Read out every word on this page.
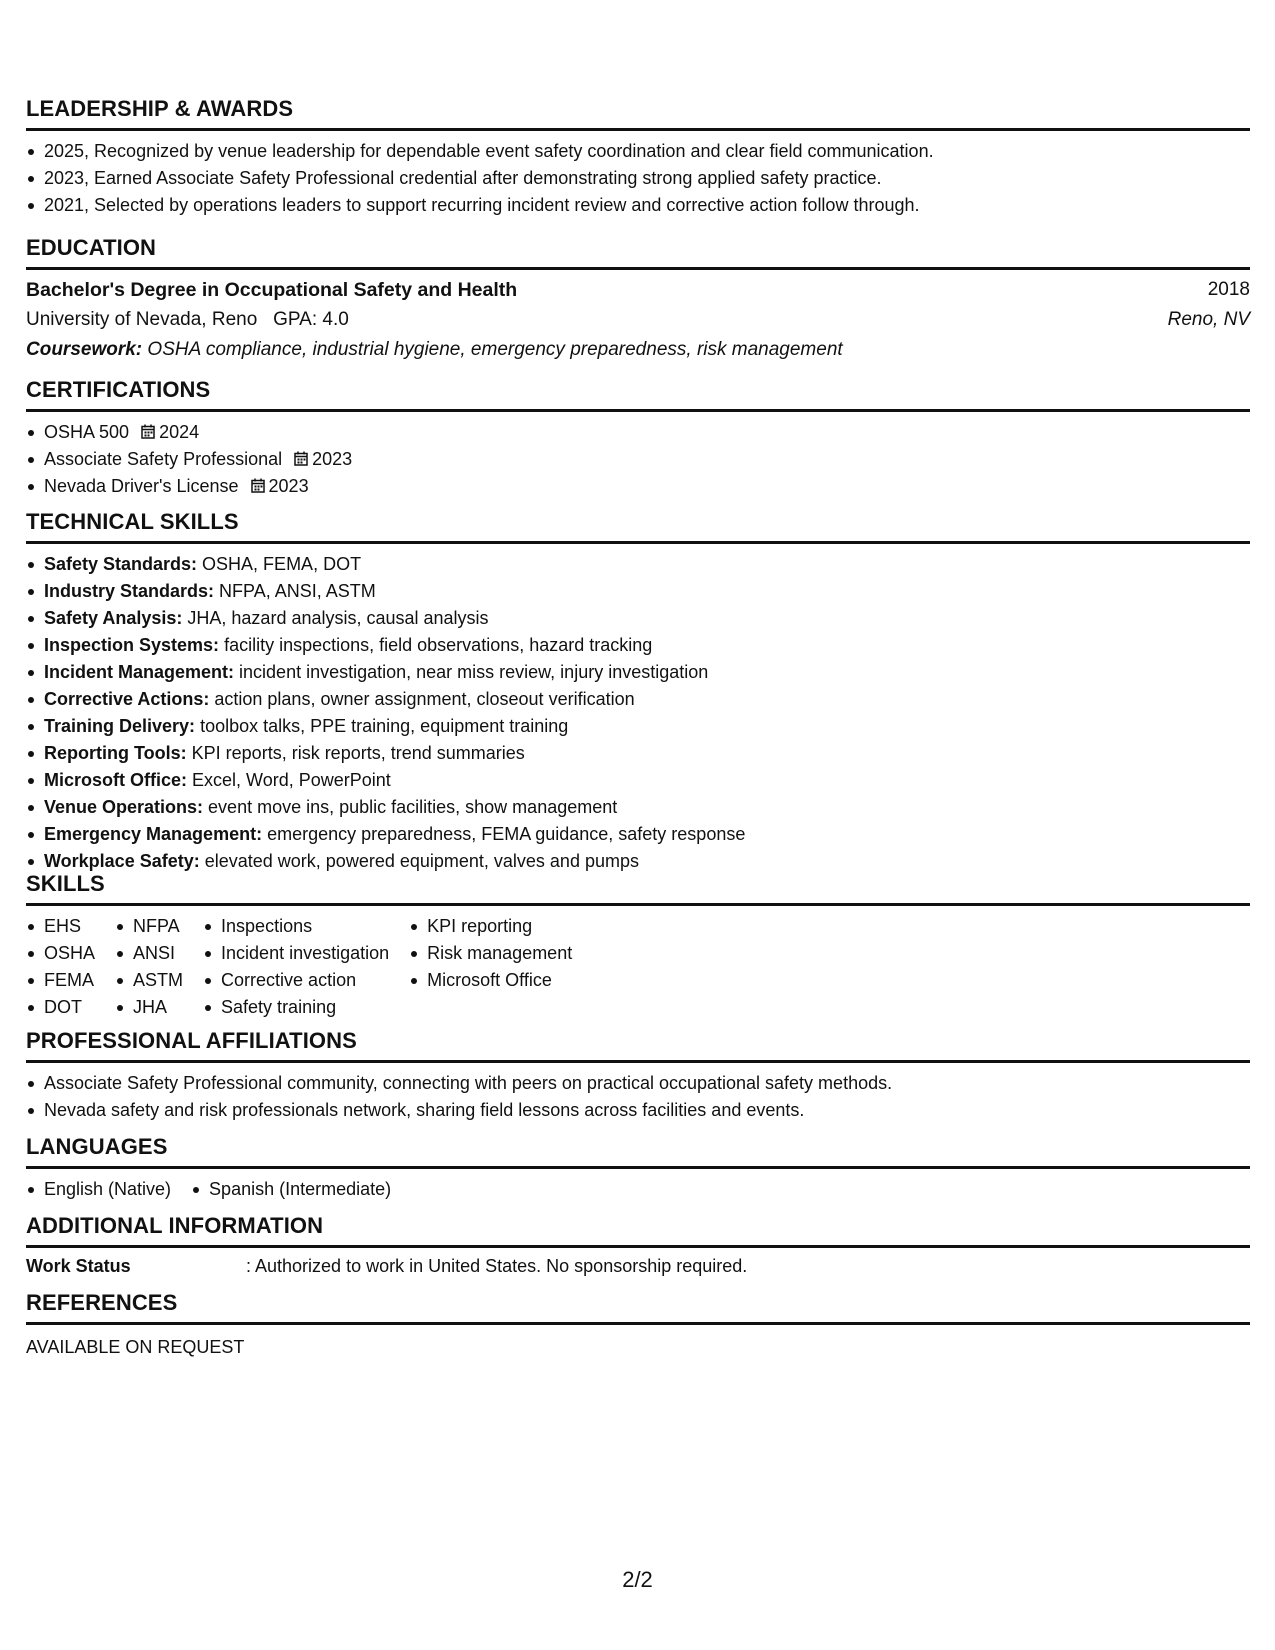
LEADERSHIP & AWARDS
2025, Recognized by venue leadership for dependable event safety coordination and clear field communication.
2023, Earned Associate Safety Professional credential after demonstrating strong applied safety practice.
2021, Selected by operations leaders to support recurring incident review and corrective action follow through.
EDUCATION
Bachelor's Degree in Occupational Safety and Health	2018
University of Nevada, Reno   GPA: 4.0	Reno, NV
Coursework: OSHA compliance, industrial hygiene, emergency preparedness, risk management
CERTIFICATIONS
OSHA 500 2024
Associate Safety Professional 2023
Nevada Driver's License 2023
TECHNICAL SKILLS
Safety Standards: OSHA, FEMA, DOT
Industry Standards: NFPA, ANSI, ASTM
Safety Analysis: JHA, hazard analysis, causal analysis
Inspection Systems: facility inspections, field observations, hazard tracking
Incident Management: incident investigation, near miss review, injury investigation
Corrective Actions: action plans, owner assignment, closeout verification
Training Delivery: toolbox talks, PPE training, equipment training
Reporting Tools: KPI reports, risk reports, trend summaries
Microsoft Office: Excel, Word, PowerPoint
Venue Operations: event move ins, public facilities, show management
Emergency Management: emergency preparedness, FEMA guidance, safety response
Workplace Safety: elevated work, powered equipment, valves and pumps
SKILLS
EHS
OSHA
FEMA
DOT
NFPA
ANSI
ASTM
JHA
Inspections
Incident investigation
Corrective action
Safety training
KPI reporting
Risk management
Microsoft Office
PROFESSIONAL AFFILIATIONS
Associate Safety Professional community, connecting with peers on practical occupational safety methods.
Nevada safety and risk professionals network, sharing field lessons across facilities and events.
LANGUAGES
English (Native)	Spanish (Intermediate)
ADDITIONAL INFORMATION
Work Status	: Authorized to work in United States. No sponsorship required.
REFERENCES
AVAILABLE ON REQUEST
2/2
